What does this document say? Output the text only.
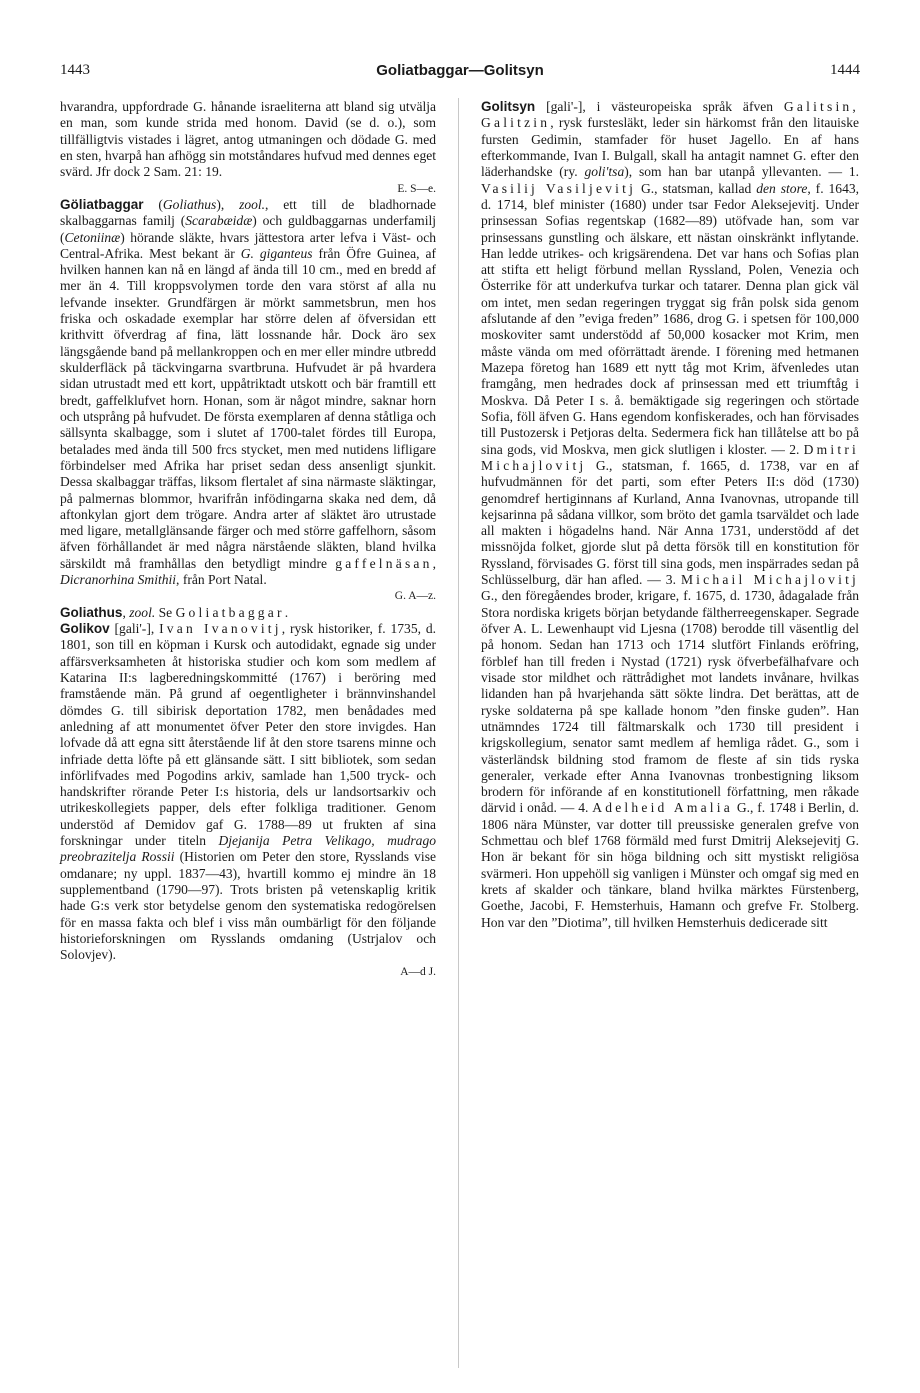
1443	Goliatbaggar—Golitsyn	1444

hvarandra, uppfordrade G. hånande israeliterna att bland sig utvälja en man, som kunde strida med honom. David (se d. o.), som tillfälligtvis vistades i lägret, antog utmaningen och dödade G. med en sten, hvarpå han afhögg sin motståndares hufvud med dennes eget svärd. Jfr dock 2 Sam. 21: 19.
E. S—e.

Göliatbaggar (Goliathus), zool., ett till de bladhornade skalbaggarnas familj (Scarabæidæ) och guldbaggarnas underfamilj (Cetoniinæ) hörande släkte, hvars jättestora arter lefva i Väst- och Central-Afrika. Mest bekant är G. giganteus från Öfre Guinea, af hvilken hannen kan nå en längd af ända till 10 cm., med en bredd af mer än 4. Till kroppsvolymen torde den vara störst af alla nu lefvande insekter. Grundfärgen är mörkt sammetsbrun, men hos friska och oskadade exemplar har större delen af öfversidan ett krithvitt öfverdrag af fina, lätt lossnande hår. Dock äro sex längsgående band på mellankroppen och en mer eller mindre utbredd skulderfläck på täckvingarna svartbruna. Hufvudet är på hvardera sidan utrustadt med ett kort, uppåtriktadt utskott och bär framtill ett bredt, gaffelklufvet horn. Honan, som är något mindre, saknar horn och utsprång på hufvudet. De första exemplaren af denna ståtliga och sällsynta skalbagge, som i slutet af 1700-talet fördes till Europa, betalades med ända till 500 frcs stycket, men med nutidens lifligare förbindelser med Afrika har priset sedan dess ansenligt sjunkit. Dessa skalbaggar träffas, liksom flertalet af sina närmaste släktingar, på palmernas blommor, hvarifrån infödingarna skaka ned dem, då aftonkylan gjort dem trögare. Andra arter af släktet äro utrustade med ligare, metallglänsande färger och med större gaffelhorn, såsom äfven förhållandet är med några närstående släkten, bland hvilka särskildt må framhållas den betydligt mindre gaffelnäsan, Dicranorhina Smithii, från Port Natal.
G. A—z.

Goliathus, zool. Se Goliatbaggar.

Golikov [gali'-], Ivan Ivanovitj, rysk historiker, f. 1735, d. 1801, son till en köpman i Kursk och autodidakt, egnade sig under affärsverksamheten åt historiska studier och kom som medlem af Katarina II:s lagberedningskommitté (1767) i beröring med framstående män. På grund af oegentligheter i brännvinshandel dömdes G. till sibirisk deportation 1782, men benådades med anledning af att monumentet öfver Peter den store invigdes. Han lofvade då att egna sitt återstående lif åt den store tsarens minne och infriade detta löfte på ett glänsande sätt. I sitt bibliotek, som sedan införlifvades med Pogodins arkiv, samlade han 1,500 tryck- och handskrifter rörande Peter I:s historia, dels ur landsortsarkiv och utrikeskollegiets papper, dels efter folkliga traditioner. Genom understöd af Demidov gaf G. 1788—89 ut frukten af sina forskningar under titeln Djejanija Petra Velikago, mudrago preobrazitelja Rossii (Historien om Peter den store, Rysslands vise omdanare; ny uppl. 1837—43), hvartill kommo ej mindre än 18 supplementband (1790—97). Trots bristen på vetenskaplig kritik hade G:s verk stor betydelse genom den systematiska redogörelsen för en massa fakta och blef i viss mån oumbärligt för den följande historieforskningen om Rysslands omdaning (Ustrjalov och Solovjev).
A—d J.

Golitsyn [gali'-], i västeuropeiska språk äfven Galitsin, Galitzin, rysk furstesläkt, leder sin härkomst från den litauiske fursten Gedimin, stamfader för huset Jagello. En af hans efterkommande, Ivan I. Bulgall, skall ha antagit namnet G. efter den läderhandske (ry. goli'tsa), som han bar utanpå yllevanten. — 1. Vasilij Vasiljevitj G., statsman, kallad den store, f. 1643, d. 1714, blef minister (1680) under tsar Fedor Aleksejevitj. Under prinsessan Sofias regentskap (1682—89) utöfvade han, som var prinsessans gunstling och älskare, ett nästan oinskränkt inflytande. Han ledde utrikes- och krigsärendena. Det var hans och Sofias plan att stifta ett heligt förbund mellan Ryssland, Polen, Venezia och Österrike för att underkufva turkar och tatarer. Denna plan gick väl om intet, men sedan regeringen tryggat sig från polsk sida genom afslutande af den ”eviga freden” 1686, drog G. i spetsen för 100,000 moskoviter samt understödd af 50,000 kosacker mot Krim, men måste vända om med oförrättadt ärende. I förening med hetmanen Mazepa företog han 1689 ett nytt tåg mot Krim, äfvenledes utan framgång, men hedrades dock af prinsessan med ett triumftåg i Moskva. Då Peter I s. å. bemäktigade sig regeringen och störtade Sofia, föll äfven G. Hans egendom konfiskerades, och han förvisades till Pustozersk i Petjoras delta. Sedermera fick han tillåtelse att bo på sina gods, vid Moskva, men gick slutligen i kloster. — 2. Dmitri Michajlovitj G., statsman, f. 1665, d. 1738, var en af hufvudmännen för det parti, som efter Peters II:s död (1730) genomdref hertiginnans af Kurland, Anna Ivanovnas, utropande till kejsarinna på sådana villkor, som bröto det gamla tsarväldet och lade all makten i högadelns hand. När Anna 1731, understödd af det missnöjda folket, gjorde slut på detta försök till en konstitution för Ryssland, förvisades G. först till sina gods, men inspärrades sedan på Schlüsselburg, där han afled. — 3. Michail Michajlovitj G., den föregåendes broder, krigare, f. 1675, d. 1730, ådagalade från Stora nordiska krigets början betydande fältherreegenskaper. Segrade öfver A. L. Lewenhaupt vid Ljesna (1708) berodde till väsentlig del på honom. Sedan han 1713 och 1714 slutfört Finlands eröfring, förblef han till freden i Nystad (1721) rysk öfverbefälhafvare och visade stor mildhet och rättrådighet mot landets invånare, hvilkas lidanden han på hvarjehanda sätt sökte lindra. Det berättas, att de ryske soldaterna på spe kallade honom ”den finske guden”. Han utnämndes 1724 till fältmarskalk och 1730 till president i krigskollegium, senator samt medlem af hemliga rådet. G., som i västerländsk bildning stod framom de fleste af sin tids ryska generaler, verkade efter Anna Ivanovnas tronbestigning liksom brodern för införande af en konstitutionell författning, men råkade därvid i onåd. — 4. Adelheid Amalia G., f. 1748 i Berlin, d. 1806 nära Münster, var dotter till preussiske generalen grefve von Schmettau och blef 1768 förmäld med furst Dmitrij Aleksejevitj G. Hon är bekant för sin höga bildning och sitt mystiskt religiösa svärmeri. Hon uppehöll sig vanligen i Münster och omgaf sig med en krets af skalder och tänkare, bland hvilka märktes Fürstenberg, Goethe, Jacobi, F. Hemsterhuis, Hamann och grefve Fr. Stolberg. Hon var den ”Diotima”, till hvilken Hemsterhuis dedicerade sitt
